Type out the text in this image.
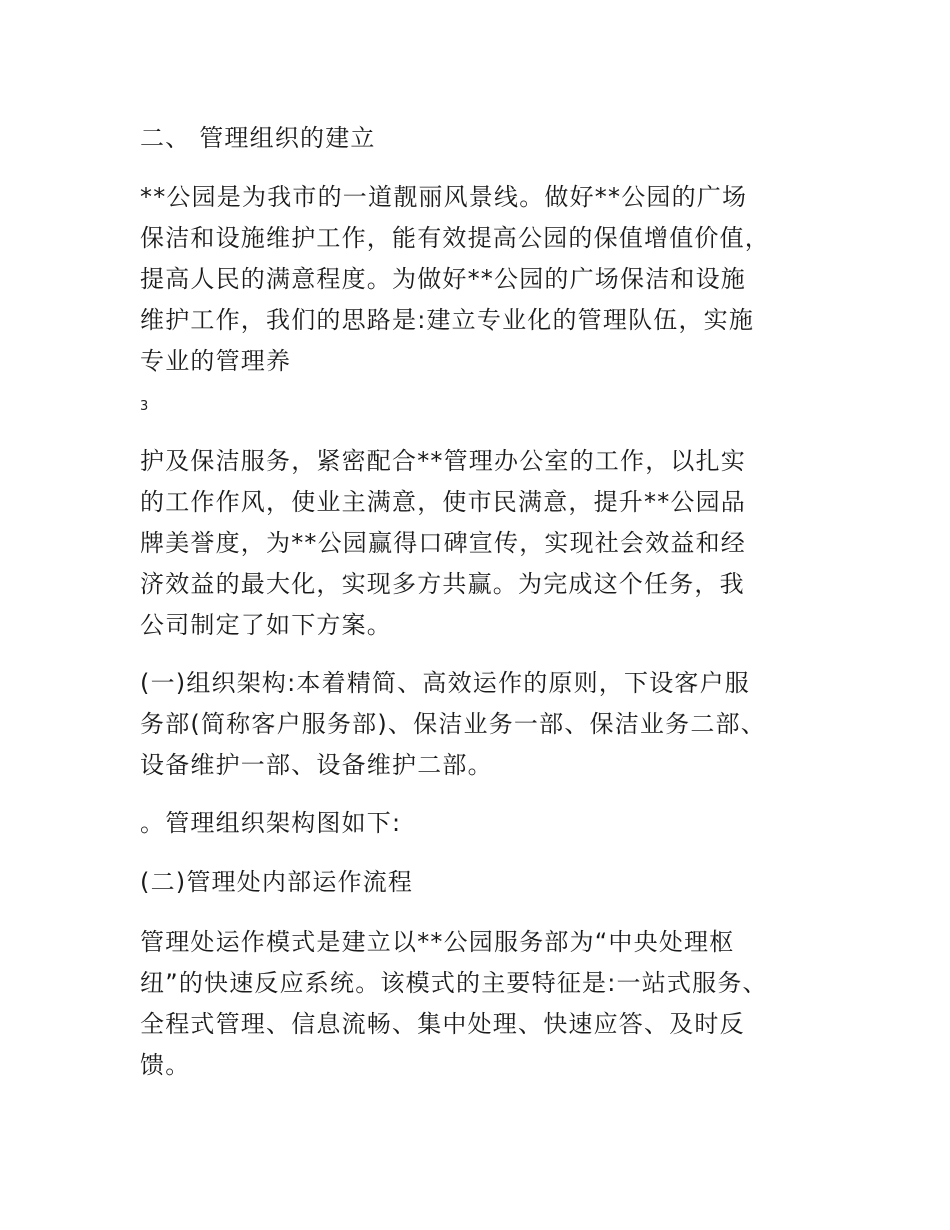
二、 管理组织的建立

**公园是为我市的一道靓丽风景线。做好**公园的广场
保洁和设施维护工作，能有效提高公园的保值增值价值，
提高人民的满意程度。为做好**公园的广场保洁和设施
维护工作，我们的思路是:建立专业化的管理队伍，实施
专业的管理养

3

护及保洁服务，紧密配合**管理办公室的工作，以扎实
的工作作风，使业主满意，使市民满意，提升**公园品
牌美誉度，为**公园赢得口碑宣传，实现社会效益和经
济效益的最大化，实现多方共赢。为完成这个任务，我
公司制定了如下方案。

(一)组织架构:本着精简、高效运作的原则，下设客户服
务部(简称客户服务部)、保洁业务一部、保洁业务二部、
设备维护一部、设备维护二部。

。管理组织架构图如下:

(二)管理处内部运作流程

管理处运作模式是建立以**公园服务部为“中央处理枢
纽”的快速反应系统。该模式的主要特征是:一站式服务、
全程式管理、信息流畅、集中处理、快速应答、及时反
馈。
